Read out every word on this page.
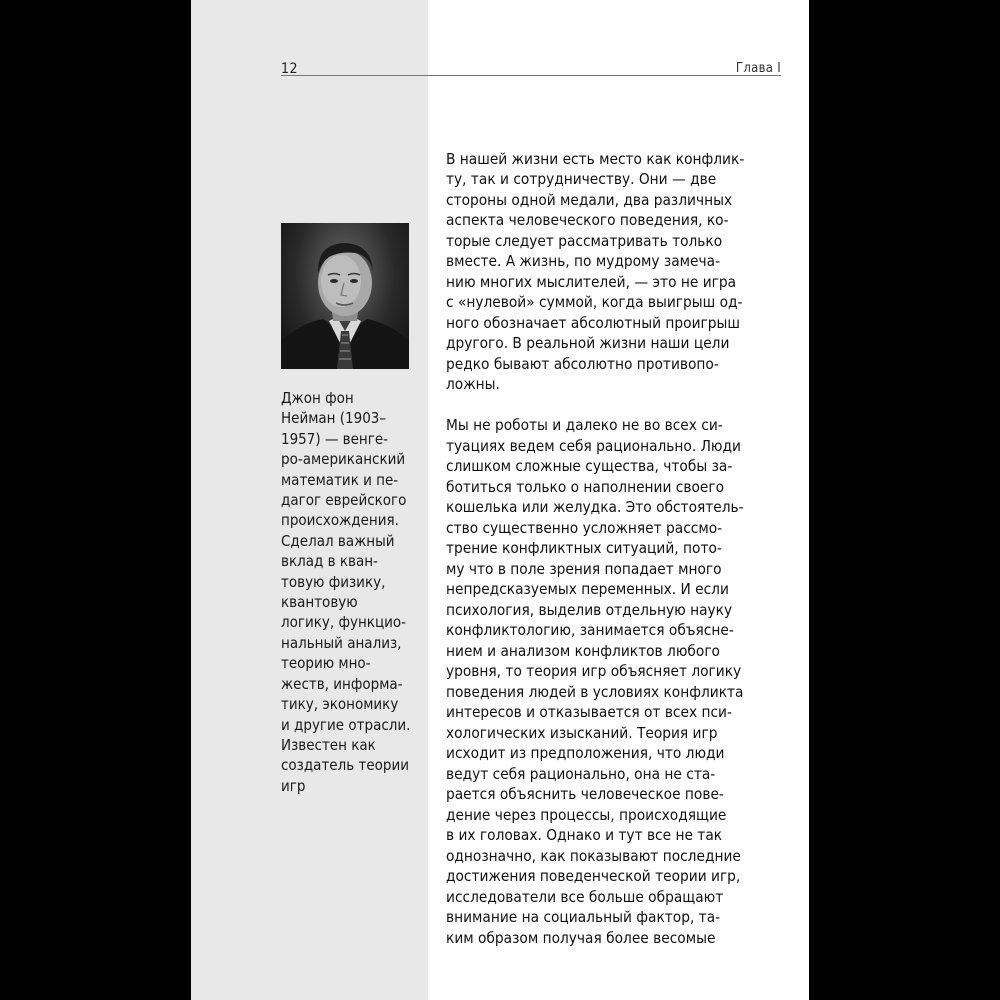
12	Глава I
Джон фон
Нейман (1903–
1957) — венге-
ро-американский
математик и пе-
дагог еврейского
происхождения.
Сделал важный
вклад в кван-
товую физику,
квантовую
логику, функцио-
нальный анализ,
теорию мно-
жеств, информа-
тику, экономику
и другие отрасли.
Известен как
создатель теории
игр

В нашей жизни есть место как конфлик-
ту, так и сотрудничеству. Они — две
стороны одной медали, два различных
аспекта человеческого поведения, ко-
торые следует рассматривать только
вместе. А жизнь, по мудрому замеча-
нию многих мыслителей, — это не игра
с «нулевой» суммой, когда выигрыш од-
ного обозначает абсолютный проигрыш
другого. В реальной жизни наши цели
редко бывают абсолютно противопо-
ложны.

Мы не роботы и далеко не во всех си-
туациях ведем себя рационально. Люди
слишком сложные существа, чтобы за-
ботиться только о наполнении своего
кошелька или желудка. Это обстоятель-
ство существенно усложняет рассмо-
трение конфликтных ситуаций, пото-
му что в поле зрения попадает много
непредсказуемых переменных. И если
психология, выделив отдельную науку
конфликтологию, занимается объясне-
нием и анализом конфликтов любого
уровня, то теория игр объясняет логику
поведения людей в условиях конфликта
интересов и отказывается от всех пси-
хологических изысканий. Теория игр
исходит из предположения, что люди
ведут себя рационально, она не ста-
рается объяснить человеческое пове-
дение через процессы, происходящие
в их головах. Однако и тут все не так
однозначно, как показывают последние
достижения поведенческой теории игр,
исследователи все больше обращают
внимание на социальный фактор, та-
ким образом получая более весомые
